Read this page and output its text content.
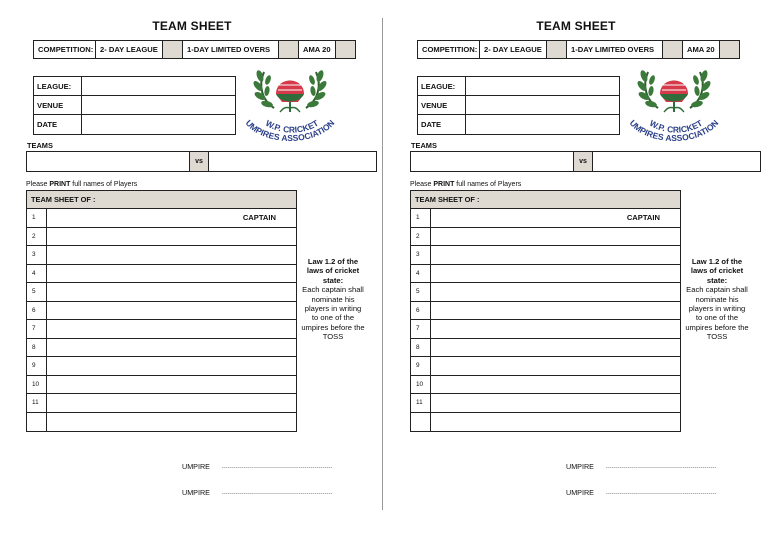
TEAM SHEET
COMPETITION: 2- DAY LEAGUE	1-DAY LIMITED OVERS	AMA 20
LEAGUE:
VENUE
DATE	W.P. CRICKET
UMPIRES ASSOCIATION
TEAMS
vs
Please PRINT full names of Players
TEAM SHEET OF :
1	CAPTAIN
2
3
4
5
6
7
8
9
10
11
Law 1.2 of the laws of cricket state:
Each captain shall nominate his players in writing to one of the umpires before the TOSS
UMPIRE .......................................................
UMPIRE .......................................................
TEAM SHEET
COMPETITION: 2- DAY LEAGUE	1-DAY LIMITED OVERS	AMA 20
LEAGUE:
VENUE
DATE	W.P. CRICKET
UMPIRES ASSOCIATION
TEAMS
vs
Please PRINT full names of Players
TEAM SHEET OF :
1	CAPTAIN
2
3
4
5
6
7
8
9
10
11
Law 1.2 of the laws of cricket state:
Each captain shall nominate his players in writing to one of the umpires before the TOSS
UMPIRE .......................................................
UMPIRE .......................................................
